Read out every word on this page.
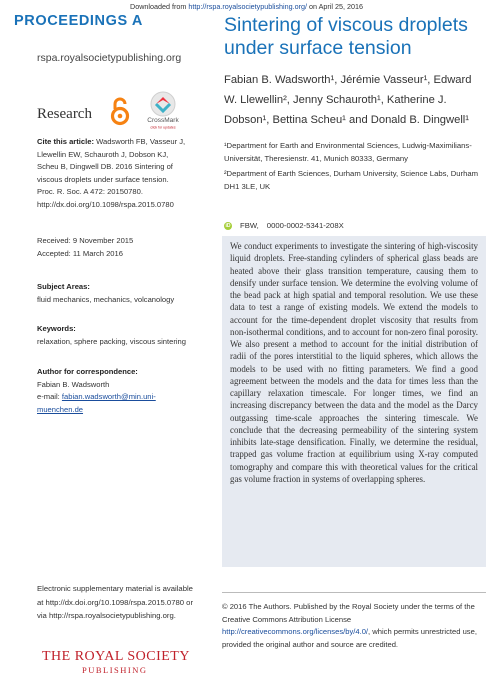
Downloaded from http://rspa.royalsocietypublishing.org/ on April 25, 2016
PROCEEDINGS A
rspa.royalsocietypublishing.org
Research	CrossMark
click for updates
Cite this article: Wadsworth FB, Vasseur J, Llewellin EW, Schauroth J, Dobson KJ, Scheu B, Dingwell DB. 2016 Sintering of viscous droplets under surface tension. Proc. R. Soc. A 472: 20150780. http://dx.doi.org/10.1098/rspa.2015.0780
Received: 9 November 2015
Accepted: 11 March 2016
Subject Areas:
fluid mechanics, mechanics, volcanology
Keywords:
relaxation, sphere packing, viscous sintering
Author for correspondence:
Fabian B. Wadsworth
e-mail: fabian.wadsworth@min.uni-muenchen.de
Sintering of viscous droplets under surface tension
Fabian B. Wadsworth¹, Jérémie Vasseur¹, Edward W. Llewellin², Jenny Schauroth¹, Katherine J. Dobson¹, Bettina Scheu¹ and Donald B. Dingwell¹
¹Department for Earth and Environmental Sciences, Ludwig-Maximilians-Universität, Theresienstr. 41, Munich 80333, Germany
²Department of Earth Sciences, Durham University, Science Labs, Durham DH1 3LE, UK
iD FBW, 0000-0002-5341-208X

We conduct experiments to investigate the sintering of high-viscosity liquid droplets. Free-standing cylinders of spherical glass beads are heated above their glass transition temperature, causing them to densify under surface tension. We determine the evolving volume of the bead pack at high spatial and temporal resolution. We use these data to test a range of existing models. We extend the models to account for the time-dependent droplet viscosity that results from non-isothermal conditions, and to account for non-zero final porosity. We also present a method to account for the initial distribution of radii of the pores interstitial to the liquid spheres, which allows the models to be used with no fitting parameters. We find a good agreement between the models and the data for times less than the capillary relaxation timescale. For longer times, we find an increasing discrepancy between the data and the model as the Darcy outgassing time-scale approaches the sintering timescale. We conclude that the decreasing permeability of the sintering system inhibits late-stage densification. Finally, we determine the residual, trapped gas volume fraction at equilibrium using X-ray computed tomography and compare this with theoretical values for the critical gas volume fraction in systems of overlapping spheres.

Electronic supplementary material is available at http://dx.doi.org/10.1098/rspa.2015.0780 or via http://rspa.royalsocietypublishing.org.
© 2016 The Authors. Published by the Royal Society under the terms of the Creative Commons Attribution License http://creativecommons.org/licenses/by/4.0/, which permits unrestricted use, provided the original author and source are credited.
THE ROYAL SOCIETY
PUBLISHING
